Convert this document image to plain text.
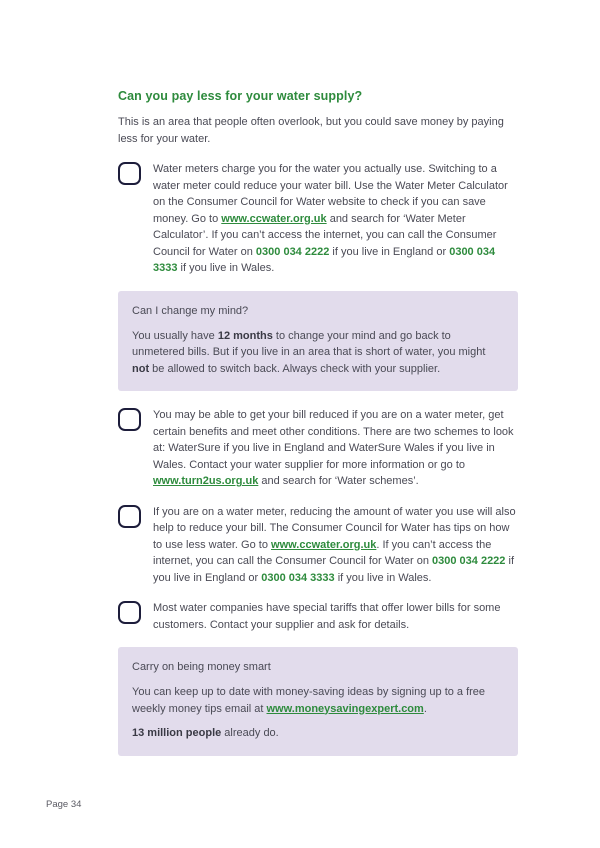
Can you pay less for your water supply?

This is an area that people often overlook, but you could save money by paying less for your water.

Water meters charge you for the water you actually use. Switching to a water meter could reduce your water bill. Use the Water Meter Calculator on the Consumer Council for Water website to check if you can save money. Go to www.ccwater.org.uk and search for ‘Water Meter Calculator’. If you can’t access the internet, you can call the Consumer Council for Water on 0300 034 2222 if you live in England or 0300 034 3333 if you live in Wales.
Can I change my mind?

You usually have 12 months to change your mind and go back to unmetered bills. But if you live in an area that is short of water, you might not be allowed to switch back. Always check with your supplier.

You may be able to get your bill reduced if you are on a water meter, get certain benefits and meet other conditions. There are two schemes to look at: WaterSure if you live in England and WaterSure Wales if you live in Wales. Contact your water supplier for more information or go to www.turn2us.org.uk and search for ‘Water schemes’.
If you are on a water meter, reducing the amount of water you use will also help to reduce your bill. The Consumer Council for Water has tips on how to use less water. Go to www.ccwater.org.uk. If you can’t access the internet, you can call the Consumer Council for Water on 0300 034 2222 if you live in England or 0300 034 3333 if you live in Wales.
Most water companies have special tariffs that offer lower bills for some customers. Contact your supplier and ask for details.
Carry on being money smart

You can keep up to date with money-saving ideas by signing up to a free weekly money tips email at www.moneysavingexpert.com.

13 million people already do.

Page 34
